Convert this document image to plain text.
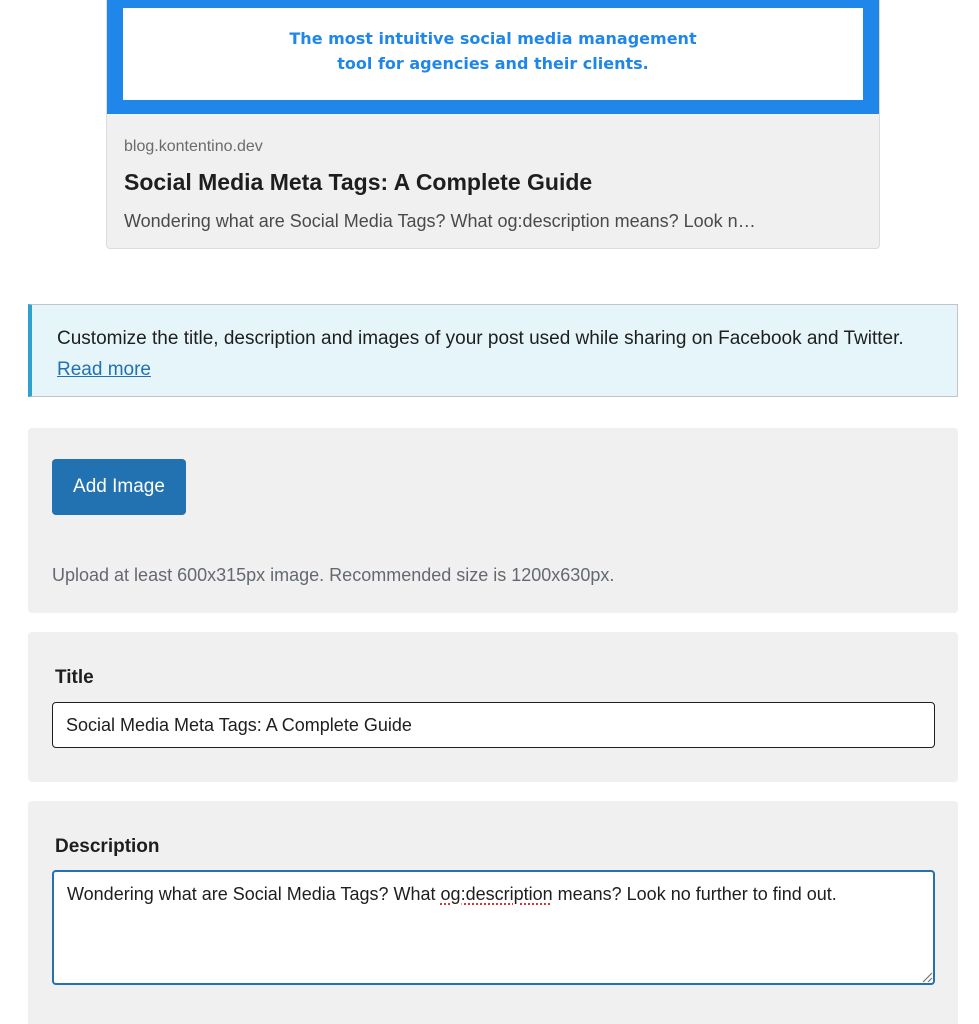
The most intuitive social media management
tool for agencies and their clients.
blog.kontentino.dev
Social Media Meta Tags: A Complete Guide
Wondering what are Social Media Tags? What og:description means? Look n…
Customize the title, description and images of your post used while sharing on Facebook and Twitter. Read more
Add Image
Upload at least 600x315px image. Recommended size is 1200x630px.
Title
Social Media Meta Tags: A Complete Guide
Description
Wondering what are Social Media Tags? What og:description means? Look no further to find out.
